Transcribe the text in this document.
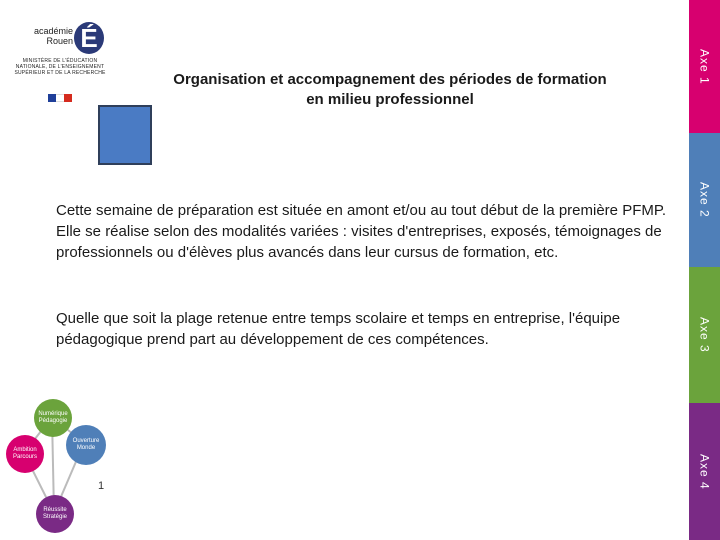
académie
Rouen É
MINISTÈRE DE L'ÉDUCATION NATIONALE, DE L'ENSEIGNEMENT SUPÉRIEUR ET DE LA RECHERCHE	Organisation et accompagnement des périodes de formation
en milieu professionnel
Cette semaine de préparation est située en amont et/ou au tout début de la première PFMP. Elle se réalise selon des modalités variées : visites d'entreprises, exposés, témoignages de professionnels ou d'élèves plus avancés dans leur cursus de formation, etc.
Quelle que soit la plage retenue entre temps scolaire et temps en entreprise, l'équipe pédagogique prend part au développement de ces compétences.
Axe 1
Axe 2
Axe 3
Axe 4
Numérique Pédagogie
Ouverture Monde
Ambition Parcours
Réussite Stratégie
1
